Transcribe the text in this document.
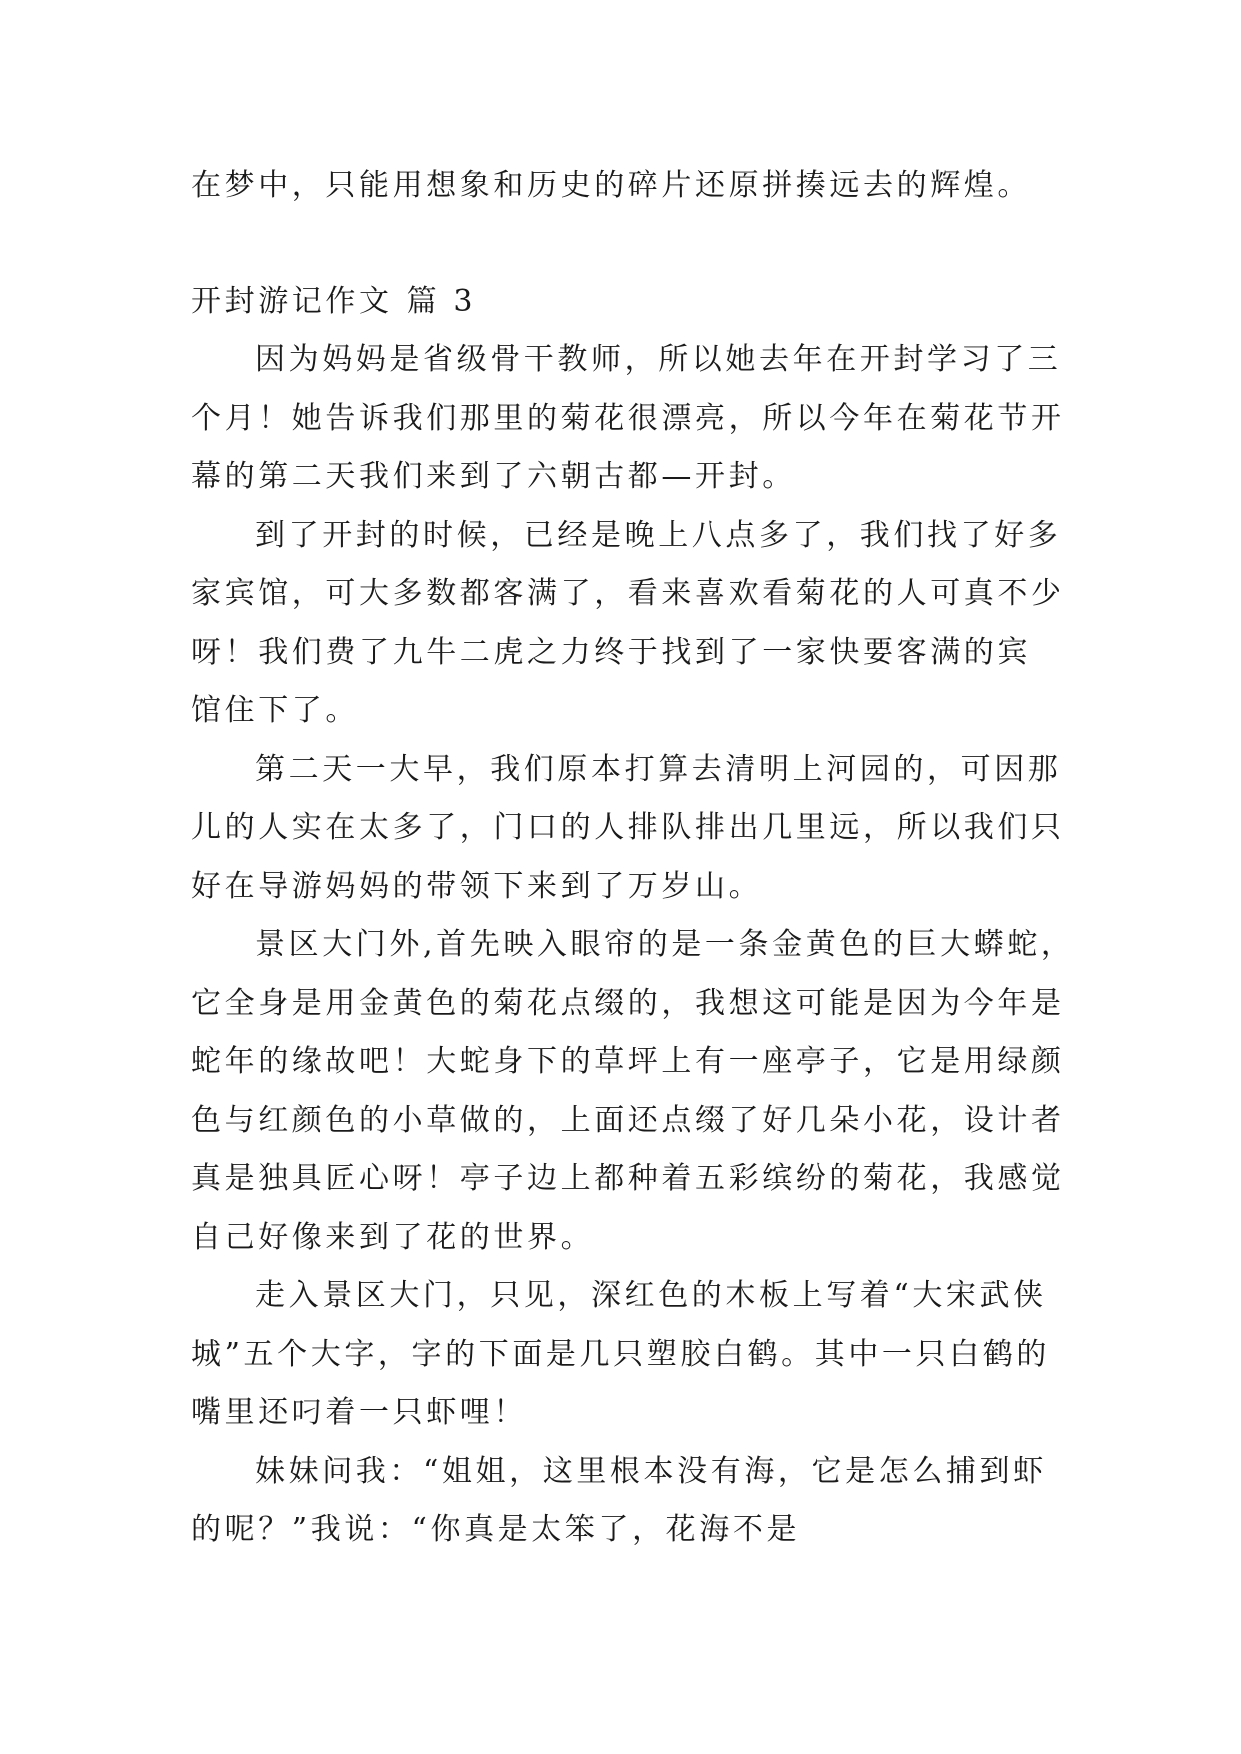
在梦中，只能用想象和历史的碎片还原拼揍远去的辉煌。

开封游记作文 篇 3

因为妈妈是省级骨干教师，所以她去年在开封学习了三

个月！她告诉我们那里的菊花很漂亮，所以今年在菊花节开

幕的第二天我们来到了六朝古都—开封。

到了开封的时候，已经是晚上八点多了，我们找了好多

家宾馆，可大多数都客满了，看来喜欢看菊花的人可真不少

呀！我们费了九牛二虎之力终于找到了一家快要客满的宾

馆住下了。

第二天一大早，我们原本打算去清明上河园的，可因那

儿的人实在太多了，门口的人排队排出几里远，所以我们只

好在导游妈妈的带领下来到了万岁山。

景区大门外,首先映入眼帘的是一条金黄色的巨大蟒蛇，

它全身是用金黄色的菊花点缀的，我想这可能是因为今年是

蛇年的缘故吧！大蛇身下的草坪上有一座亭子，它是用绿颜

色与红颜色的小草做的，上面还点缀了好几朵小花，设计者

真是独具匠心呀！亭子边上都种着五彩缤纷的菊花，我感觉

自己好像来到了花的世界。

走入景区大门，只见，深红色的木板上写着“大宋武侠

城”五个大字，字的下面是几只塑胶白鹤。其中一只白鹤的

嘴里还叼着一只虾哩！

妹妹问我：“姐姐，这里根本没有海，它是怎么捕到虾

的呢？”我说：“你真是太笨了，花海不是
